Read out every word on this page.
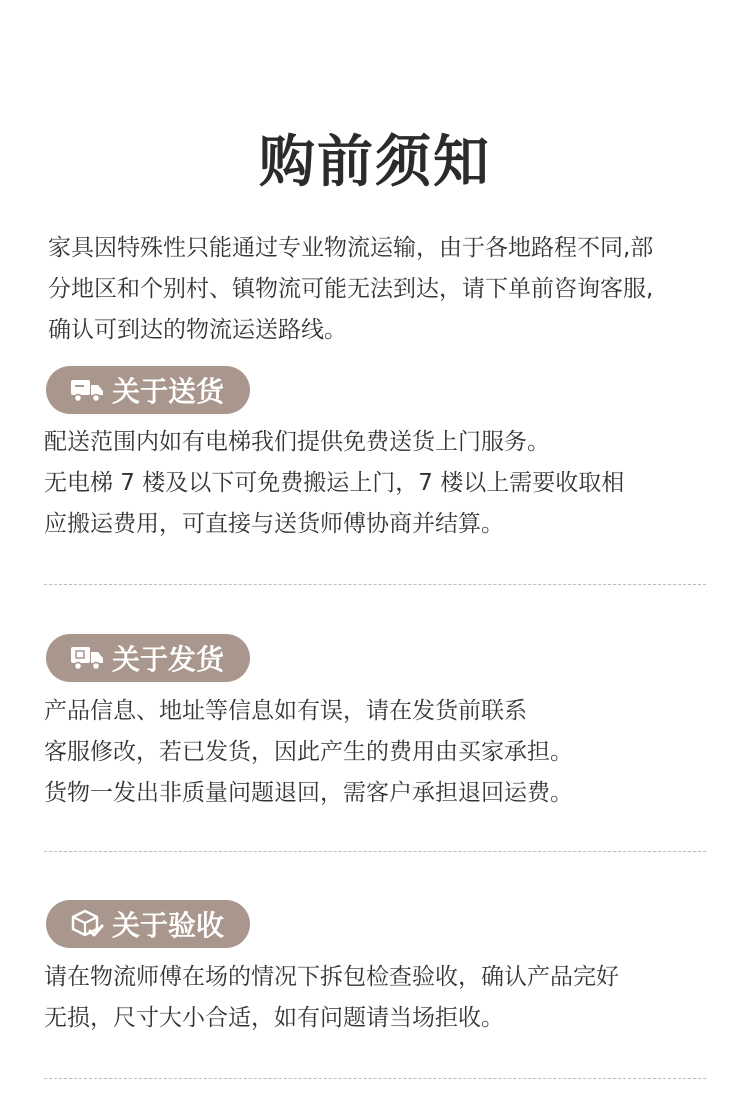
购前须知

家具因特殊性只能通过专业物流运输，由于各地路程不同,部

分地区和个别村、镇物流可能无法到达，请下单前咨询客服,

确认可到达的物流运送路线。

关于送货

配送范围内如有电梯我们提供免费送货上门服务。

无电梯 7 楼及以下可免费搬运上门，7 楼以上需要收取相

应搬运费用，可直接与送货师傅协商并结算。

关于发货

产品信息、地址等信息如有误，请在发货前联系

客服修改，若已发货，因此产生的费用由买家承担。

货物一发出非质量问题退回，需客户承担退回运费。

关于验收

请在物流师傅在场的情况下拆包检查验收，确认产品完好

无损，尺寸大小合适，如有问题请当场拒收。
